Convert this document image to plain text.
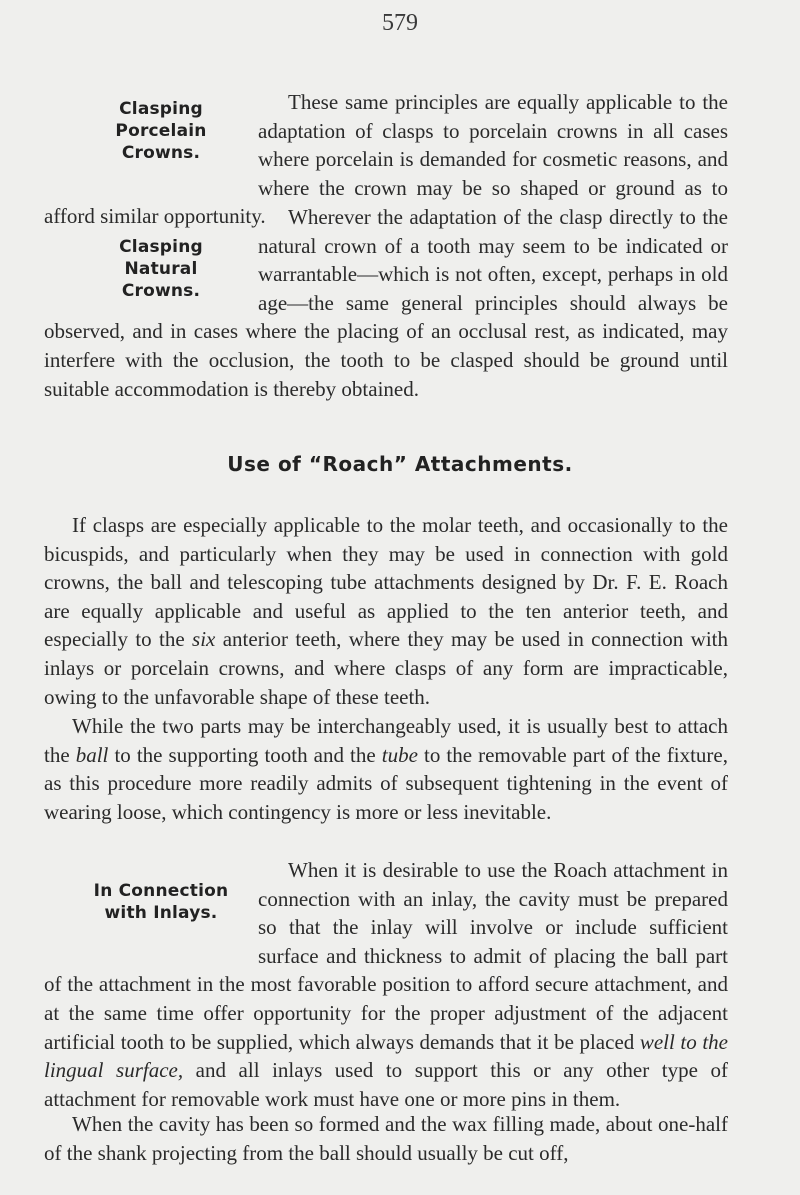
579
Clasping Porcelain Crowns.

These same principles are equally applicable to the adaptation of clasps to porcelain crowns in all cases where porcelain is demanded for cosmetic reasons, and where the crown may be so shaped or ground as to afford similar opportunity.

Clasping Natural Crowns.

Wherever the adaptation of the clasp directly to the natural crown of a tooth may seem to be indicated or warrantable—which is not often, except, perhaps in old age—the same general principles should always be observed, and in cases where the placing of an occlusal rest, as indicated, may interfere with the occlusion, the tooth to be clasped should be ground until suitable accommodation is thereby obtained.

Use of “Roach” Attachments.

If clasps are especially applicable to the molar teeth, and occasionally to the bicuspids, and particularly when they may be used in connection with gold crowns, the ball and telescoping tube attachments designed by Dr. F. E. Roach are equally applicable and useful as applied to the ten anterior teeth, and especially to the six anterior teeth, where they may be used in connection with inlays or porcelain crowns, and where clasps of any form are impracticable, owing to the unfavorable shape of these teeth.

While the two parts may be interchangeably used, it is usually best to attach the ball to the supporting tooth and the tube to the removable part of the fixture, as this procedure more readily admits of subsequent tightening in the event of wearing loose, which contingency is more or less inevitable.

In Connection with Inlays.

When it is desirable to use the Roach attachment in connection with an inlay, the cavity must be prepared so that the inlay will involve or include sufficient surface and thickness to admit of placing the ball part of the attachment in the most favorable position to afford secure attachment, and at the same time offer opportunity for the proper adjustment of the adjacent artificial tooth to be supplied, which always demands that it be placed well to the lingual surface, and all inlays used to support this or any other type of attachment for removable work must have one or more pins in them.

When the cavity has been so formed and the wax filling made, about one-half of the shank projecting from the ball should usually be cut off,
